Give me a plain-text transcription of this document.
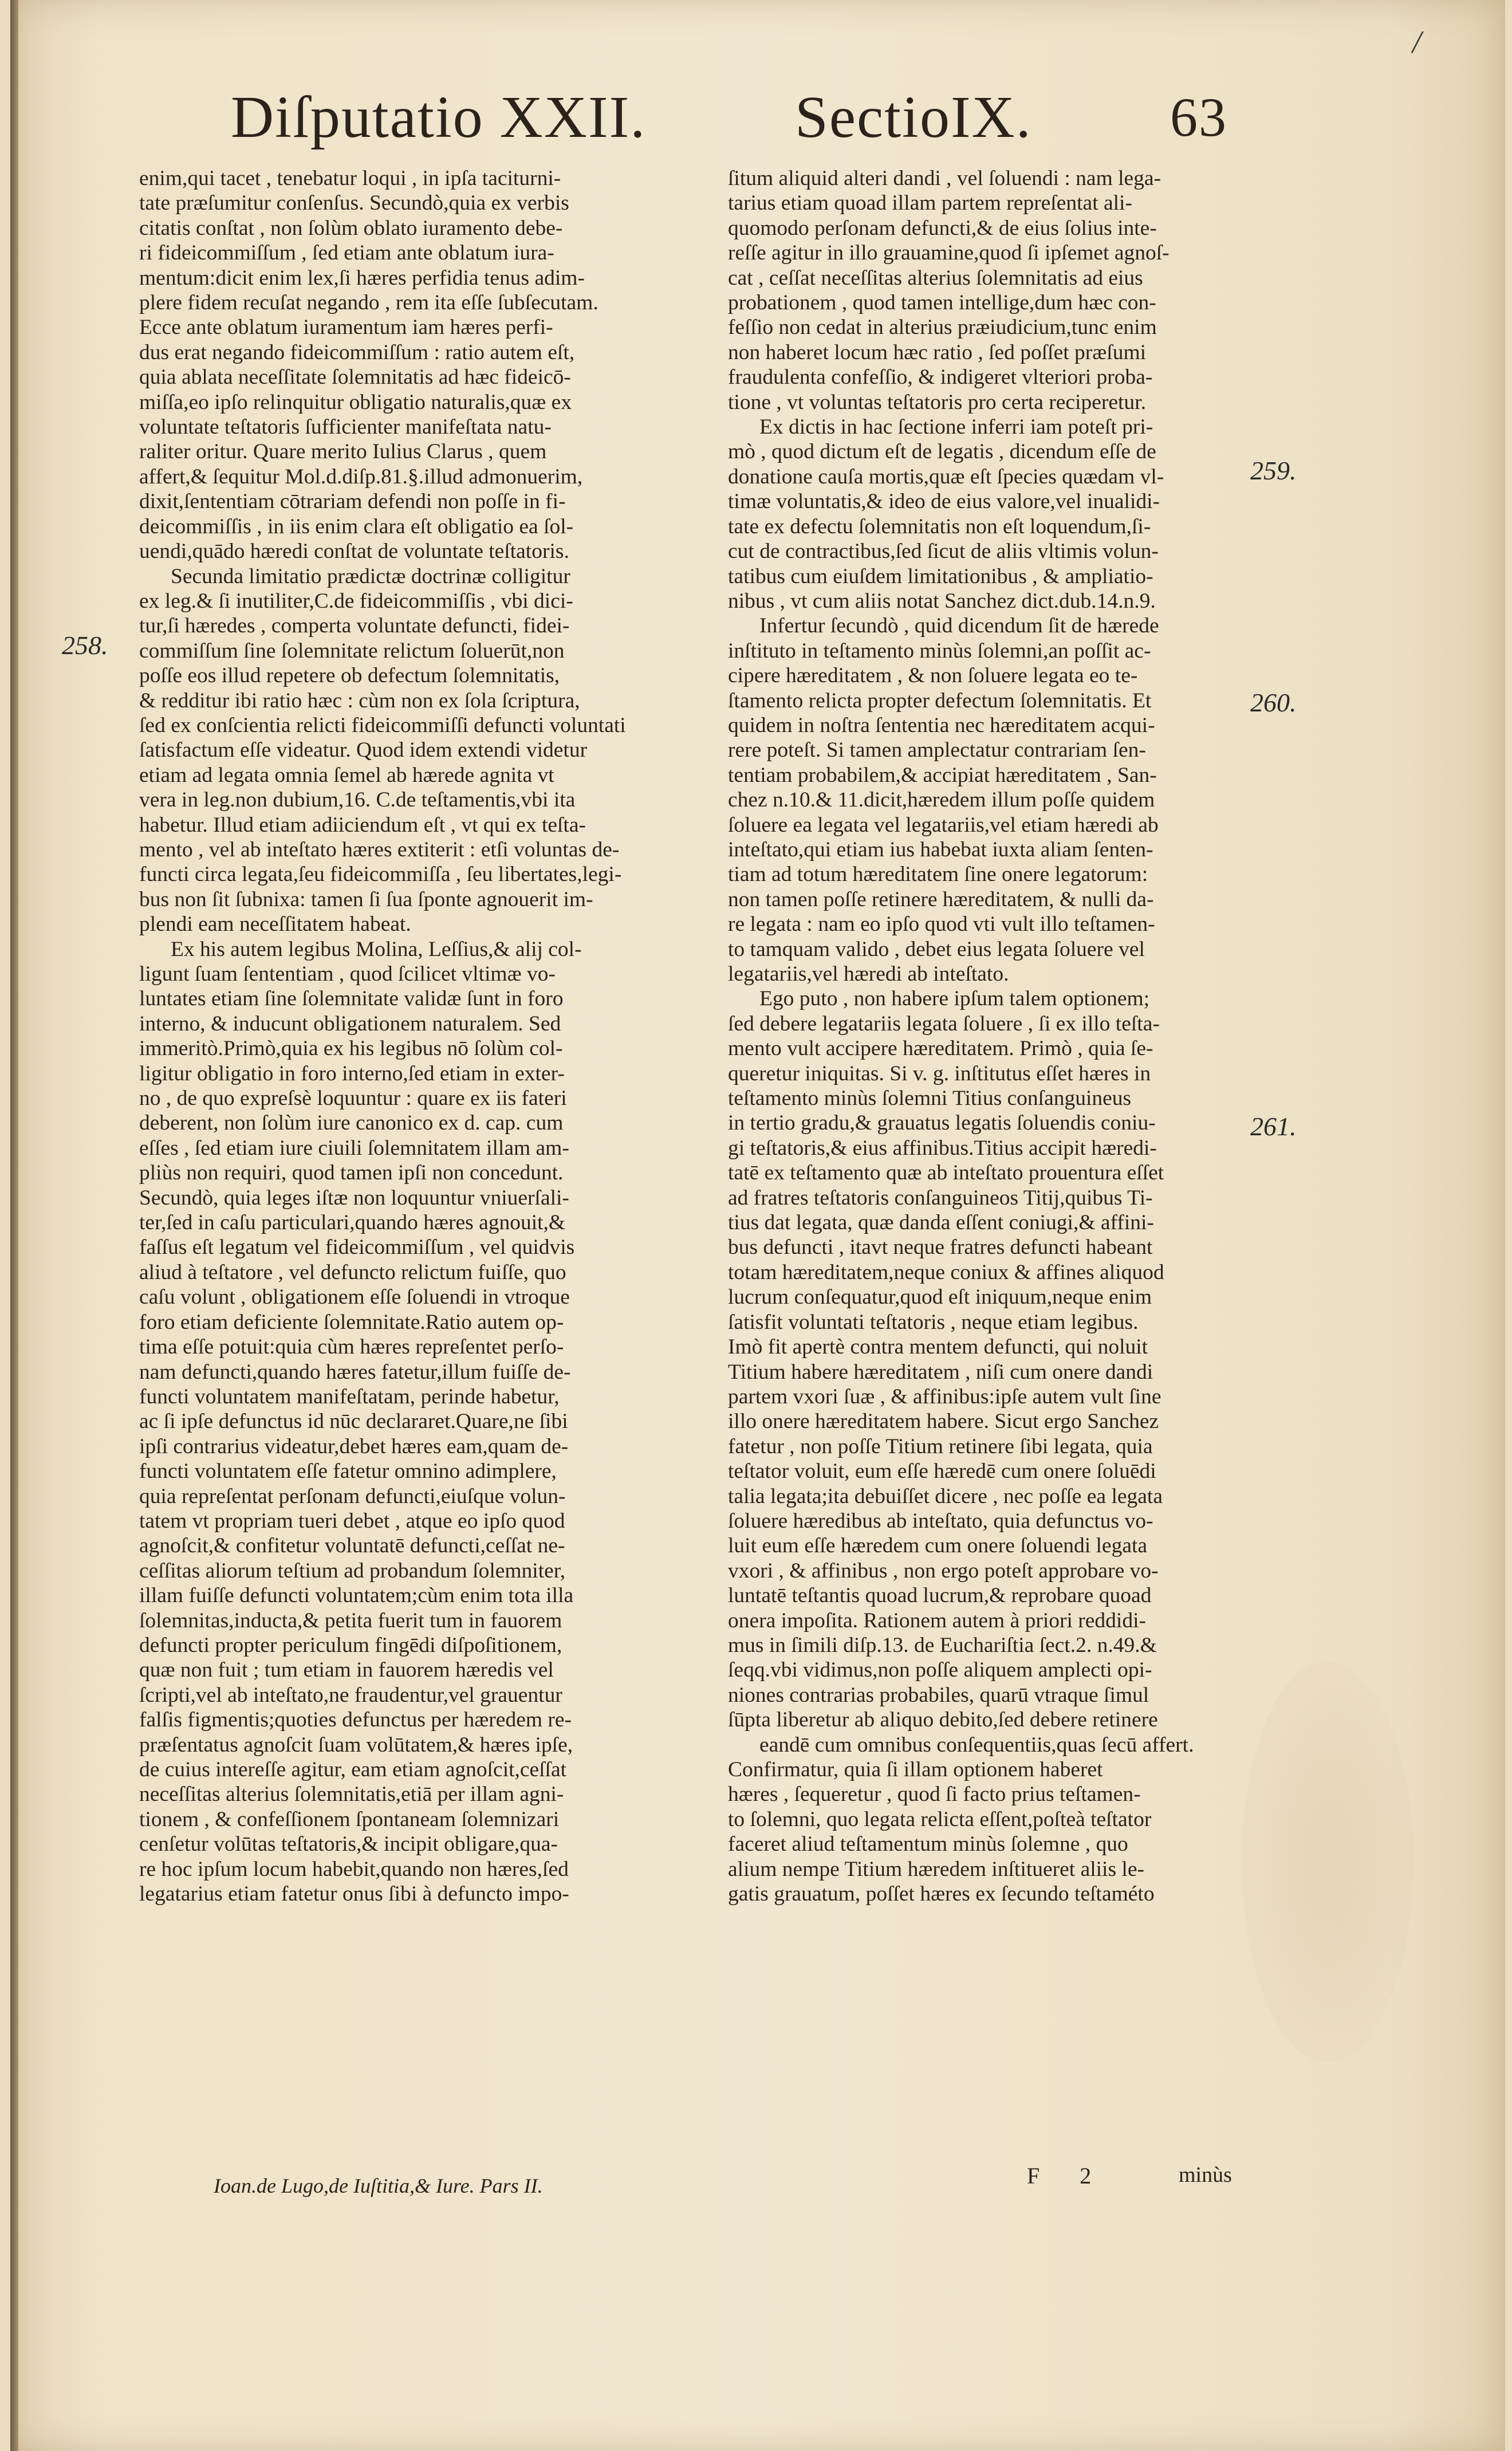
Diſputatio XXII. SectioIX.	63
/

enim,qui tacet , tenebatur loqui , in ipſa taciturni-

tate præſumitur conſenſus. Secundò,quia ex verbis

citatis conſtat , non ſolùm oblato iuramento debe-

ri fideicommiſſum , ſed etiam ante oblatum iura-

mentum:dicit enim lex,ſi hæres perfidia tenus adim-

plere fidem recuſat negando , rem ita eſſe ſubſecutam.

Ecce ante oblatum iuramentum iam hæres perfi-

dus erat negando fideicommiſſum : ratio autem eſt,

quia ablata neceſſitate ſolemnitatis ad hæc fideicō-

miſſa,eo ipſo relinquitur obligatio naturalis,quæ ex

voluntate teſtatoris ſufficienter manifeſtata natu-

raliter oritur. Quare merito Iulius Clarus , quem

affert,& ſequitur Mol.d.diſp.81.§.illud admonuerim,

dixit,ſententiam cōtrariam defendi non poſſe in fi-

deicommiſſis , in iis enim clara eſt obligatio ea ſol-

uendi,quādo hæredi conſtat de voluntate teſtatoris.

Secunda limitatio prædictæ doctrinæ colligitur

ex leg.& ſi inutiliter,C.de fideicommiſſis , vbi dici-

tur,ſi hæredes , comperta voluntate defuncti, fidei-

commiſſum ſine ſolemnitate relictum ſoluerūt,non

poſſe eos illud repetere ob defectum ſolemnitatis,

& redditur ibi ratio hæc : cùm non ex ſola ſcriptura,

ſed ex conſcientia relicti fideicommiſſi defuncti voluntati

ſatisfactum eſſe videatur. Quod idem extendi videtur

etiam ad legata omnia ſemel ab hærede agnita vt

vera in leg.non dubium,16. C.de teſtamentis,vbi ita

habetur. Illud etiam adiiciendum eſt , vt qui ex teſta-

mento , vel ab inteſtato hæres extiterit : etſi voluntas de-

functi circa legata,ſeu fideicommiſſa , ſeu libertates,legi-

bus non ſit ſubnixa: tamen ſi ſua ſponte agnouerit im-

plendi eam neceſſitatem habeat.

Ex his autem legibus Molina, Leſſius,& alij col-

ligunt ſuam ſententiam , quod ſcilicet vltimæ vo-

luntates etiam ſine ſolemnitate validæ ſunt in foro

interno, & inducunt obligationem naturalem. Sed

immeritò.Primò,quia ex his legibus nō ſolùm col-

ligitur obligatio in foro interno,ſed etiam in exter-

no , de quo expreſsè loquuntur : quare ex iis fateri

deberent, non ſolùm iure canonico ex d. cap. cum

eſſes , ſed etiam iure ciuili ſolemnitatem illam am-

pliùs non requiri, quod tamen ipſi non concedunt.

Secundò, quia leges iſtæ non loquuntur vniuerſali-

ter,ſed in caſu particulari,quando hæres agnouit,&

faſſus eſt legatum vel fideicommiſſum , vel quidvis

aliud à teſtatore , vel defuncto relictum fuiſſe, quo

caſu volunt , obligationem eſſe ſoluendi in vtroque

foro etiam deficiente ſolemnitate.Ratio autem op-

tima eſſe potuit:quia cùm hæres repreſentet perſo-

nam defuncti,quando hæres fatetur,illum fuiſſe de-

functi voluntatem manifeſtatam, perinde habetur,

ac ſi ipſe defunctus id nūc declararet.Quare,ne ſibi

ipſi contrarius videatur,debet hæres eam,quam de-

functi voluntatem eſſe fatetur omnino adimplere,

quia repreſentat perſonam defuncti,eiuſque volun-

tatem vt propriam tueri debet , atque eo ipſo quod

agnoſcit,& confitetur voluntatē defuncti,ceſſat ne-

ceſſitas aliorum teſtium ad probandum ſolemniter,

illam fuiſſe defuncti voluntatem;cùm enim tota illa

ſolemnitas,inducta,& petita fuerit tum in fauorem

defuncti propter periculum fingēdi diſpoſitionem,

quæ non fuit ; tum etiam in fauorem hæredis vel

ſcripti,vel ab inteſtato,ne fraudentur,vel grauentur

falſis figmentis;quoties defunctus per hæredem re-

præſentatus agnoſcit ſuam volūtatem,& hæres ipſe,

de cuius intereſſe agitur, eam etiam agnoſcit,ceſſat

neceſſitas alterius ſolemnitatis,etiā per illam agni-

tionem , & confeſſionem ſpontaneam ſolemnizari

cenſetur volūtas teſtatoris,& incipit obligare,qua-

re hoc ipſum locum habebit,quando non hæres,ſed

legatarius etiam fatetur onus ſibi à defuncto impo-

ſitum aliquid alteri dandi , vel ſoluendi : nam lega-

tarius etiam quoad illam partem repreſentat ali-

quomodo perſonam defuncti,& de eius ſolius inte-

reſſe agitur in illo grauamine,quod ſi ipſemet agnoſ-

cat , ceſſat neceſſitas alterius ſolemnitatis ad eius

probationem , quod tamen intellige,dum hæc con-

feſſio non cedat in alterius præiudicium,tunc enim

non haberet locum hæc ratio , ſed poſſet præſumi

fraudulenta confeſſio, & indigeret vlteriori proba-

tione , vt voluntas teſtatoris pro certa reciperetur.

Ex dictis in hac ſectione inferri iam poteſt pri-

mò , quod dictum eſt de legatis , dicendum eſſe de

donatione cauſa mortis,quæ eſt ſpecies quædam vl-

timæ voluntatis,& ideo de eius valore,vel inualidi-

tate ex defectu ſolemnitatis non eſt loquendum,ſi-

cut de contractibus,ſed ſicut de aliis vltimis volun-

tatibus cum eiuſdem limitationibus , & ampliatio-

nibus , vt cum aliis notat Sanchez dict.dub.14.n.9.

Infertur ſecundò , quid dicendum ſit de hærede

inſtituto in teſtamento minùs ſolemni,an poſſit ac-

cipere hæreditatem , & non ſoluere legata eo te-

ſtamento relicta propter defectum ſolemnitatis. Et

quidem in noſtra ſententia nec hæreditatem acqui-

rere poteſt. Si tamen amplectatur contrariam ſen-

tentiam probabilem,& accipiat hæreditatem , San-

chez n.10.& 11.dicit,hæredem illum poſſe quidem

ſoluere ea legata vel legatariis,vel etiam hæredi ab

inteſtato,qui etiam ius habebat iuxta aliam ſenten-

tiam ad totum hæreditatem ſine onere legatorum:

non tamen poſſe retinere hæreditatem, & nulli da-

re legata : nam eo ipſo quod vti vult illo teſtamen-

to tamquam valido , debet eius legata ſoluere vel

legatariis,vel hæredi ab inteſtato.

Ego puto , non habere ipſum talem optionem;

ſed debere legatariis legata ſoluere , ſi ex illo teſta-

mento vult accipere hæreditatem. Primò , quia ſe-

queretur iniquitas. Si v. g. inſtitutus eſſet hæres in

teſtamento minùs ſolemni Titius conſanguineus

in tertio gradu,& grauatus legatis ſoluendis coniu-

gi teſtatoris,& eius affinibus.Titius accipit hæredi-

tatē ex teſtamento quæ ab inteſtato prouentura eſſet

ad fratres teſtatoris conſanguineos Titij,quibus Ti-

tius dat legata, quæ danda eſſent coniugi,& affini-

bus defuncti , itavt neque fratres defuncti habeant

totam hæreditatem,neque coniux & affines aliquod

lucrum conſequatur,quod eſt iniquum,neque enim

ſatisfit voluntati teſtatoris , neque etiam legibus.

Imò fit apertè contra mentem defuncti, qui noluit

Titium habere hæreditatem , niſi cum onere dandi

partem vxori ſuæ , & affinibus:ipſe autem vult ſine

illo onere hæreditatem habere. Sicut ergo Sanchez

fatetur , non poſſe Titium retinere ſibi legata, quia

teſtator voluit, eum eſſe hæredē cum onere ſoluēdi

talia legata;ita debuiſſet dicere , nec poſſe ea legata

ſoluere hæredibus ab inteſtato, quia defunctus vo-

luit eum eſſe hæredem cum onere ſoluendi legata

vxori , & affinibus , non ergo poteſt approbare vo-

luntatē teſtantis quoad lucrum,& reprobare quoad

onera impoſita. Rationem autem à priori reddidi-

mus in ſimili diſp.13. de Euchariſtia ſect.2. n.49.&

ſeqq.vbi vidimus,non poſſe aliquem amplecti opi-

niones contrarias probabiles, quarū vtraque ſimul

ſūpta liberetur ab aliquo debito,ſed debere retinere

eandē cum omnibus conſequentiis,quas ſecū affert.

Confirmatur, quia ſi illam optionem haberet

hæres , ſequeretur , quod ſi facto prius teſtamen-

to ſolemni, quo legata relicta eſſent,poſteà teſtator

faceret aliud teſtamentum minùs ſolemne , quo

alium nempe Titium hæredem inſtitueret aliis le-

gatis grauatum, poſſet hæres ex ſecundo teſtaméto

258.
259.
260.
261.
Ioan.de Lugo,de Iuſtitia,& Iure. Pars II.	F 2	minùs
